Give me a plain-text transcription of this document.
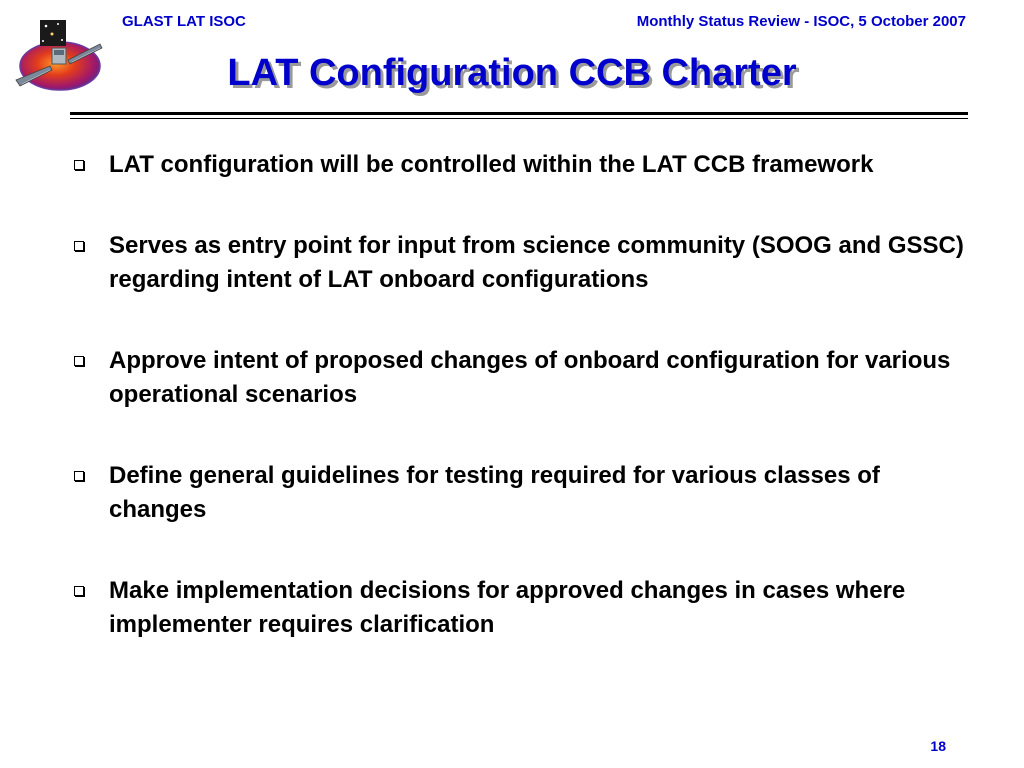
GLAST LAT ISOC	Monthly Status Review - ISOC, 5 October 2007
LAT Configuration CCB Charter
LAT configuration will be controlled within the LAT CCB framework
Serves as entry point for input from science community (SOOG and GSSC) regarding intent of LAT onboard configurations
Approve intent of proposed changes of onboard configuration for various operational scenarios
Define general guidelines for testing required for various classes of changes
Make implementation decisions for approved changes in cases where implementer requires clarification
18
